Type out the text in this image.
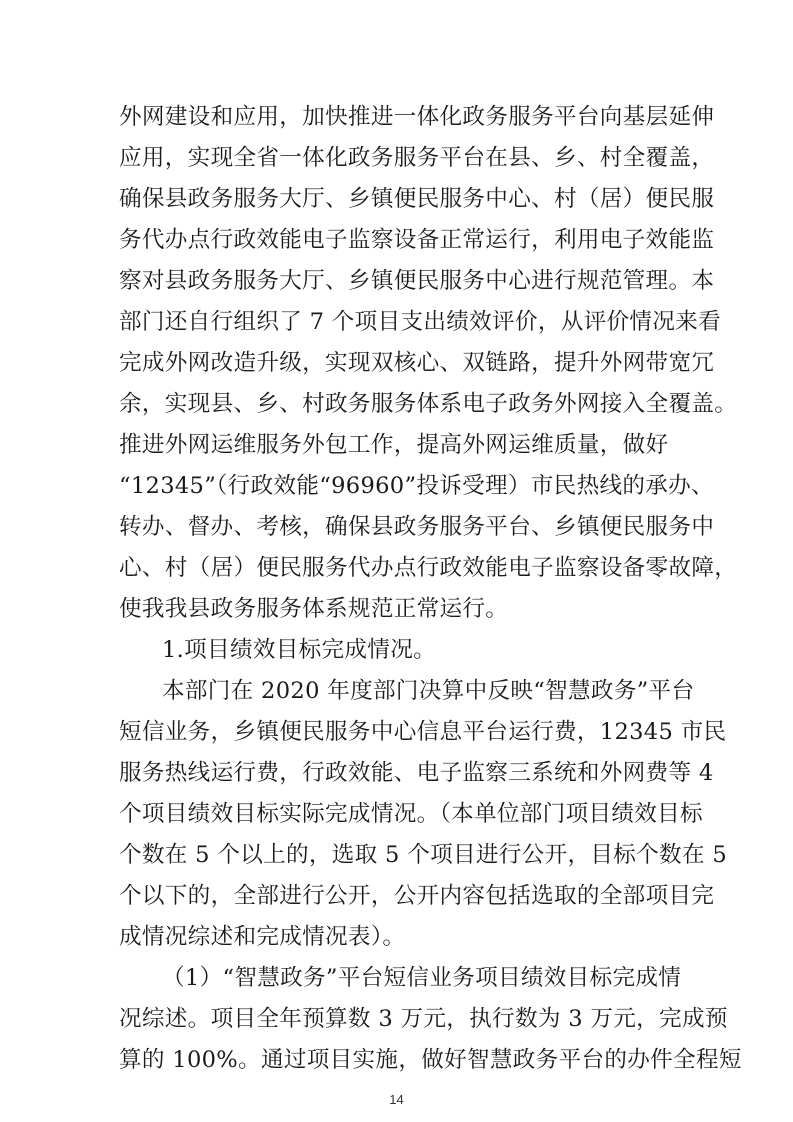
外网建设和应用，加快推进一体化政务服务平台向基层延伸
应用，实现全省一体化政务服务平台在县、乡、村全覆盖，
确保县政务服务大厅、乡镇便民服务中心、村（居）便民服
务代办点行政效能电子监察设备正常运行，利用电子效能监
察对县政务服务大厅、乡镇便民服务中心进行规范管理。本
部门还自行组织了 7 个项目支出绩效评价，从评价情况来看
完成外网改造升级，实现双核心、双链路，提升外网带宽冗
余，实现县、乡、村政务服务体系电子政务外网接入全覆盖。
推进外网运维服务外包工作，提高外网运维质量，做好
“12345”（行政效能“96960”投诉受理）市民热线的承办、
转办、督办、考核，确保县政务服务平台、乡镇便民服务中
心、村（居）便民服务代办点行政效能电子监察设备零故障，
使我我县政务服务体系规范正常运行。
1.项目绩效目标完成情况。
本部门在 2020 年度部门决算中反映“智慧政务”平台
短信业务，乡镇便民服务中心信息平台运行费，12345 市民
服务热线运行费，行政效能、电子监察三系统和外网费等 4
个项目绩效目标实际完成情况。（本单位部门项目绩效目标
个数在 5 个以上的，选取 5 个项目进行公开，目标个数在 5
个以下的，全部进行公开，公开内容包括选取的全部项目完
成情况综述和完成情况表）。
（1）“智慧政务”平台短信业务项目绩效目标完成情
况综述。项目全年预算数 3 万元，执行数为 3 万元，完成预
算的 100%。通过项目实施，做好智慧政务平台的办件全程短
14
